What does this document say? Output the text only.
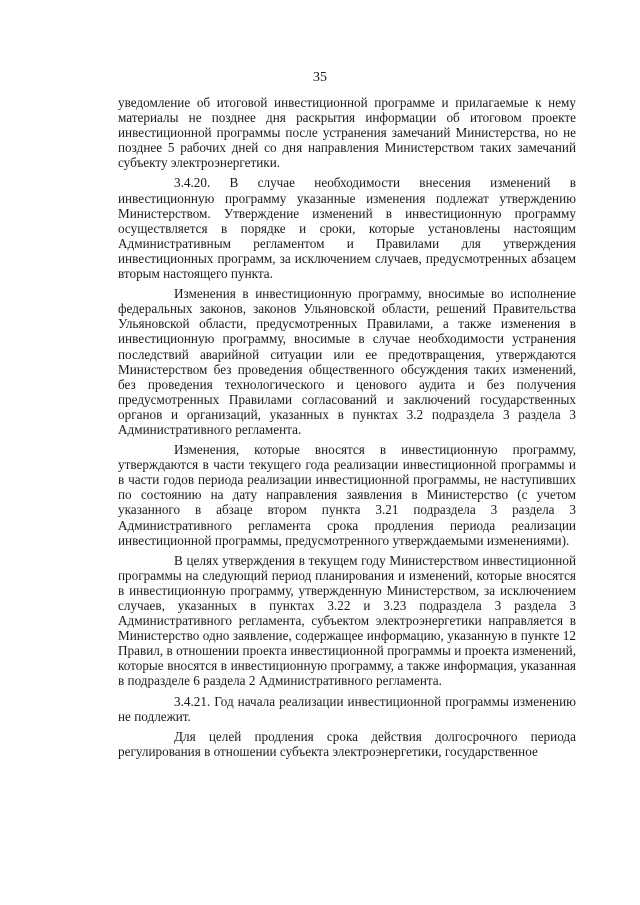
35

уведомление об итоговой инвестиционной программе и прилагаемые к нему материалы не позднее дня раскрытия информации об итоговом проекте инвестиционной программы после устранения замечаний Министерства, но не позднее 5 рабочих дней со дня направления Министерством таких замечаний субъекту электроэнергетики.

3.4.20. В случае необходимости внесения изменений в инвестиционную программу указанные изменения подлежат утверждению Министерством. Утверждение изменений в инвестиционную программу осуществляется в порядке и сроки, которые установлены настоящим Административным регламентом и Правилами для утверждения инвестиционных программ, за исключением случаев, предусмотренных абзацем вторым настоящего пункта.

Изменения в инвестиционную программу, вносимые во исполнение федеральных законов, законов Ульяновской области, решений Правительства Ульяновской области, предусмотренных Правилами, а также изменения в инвестиционную программу, вносимые в случае необходимости устранения последствий аварийной ситуации или ее предотвращения, утверждаются Министерством без проведения общественного обсуждения таких изменений, без проведения технологического и ценового аудита и без получения предусмотренных Правилами согласований и заключений государственных органов и организаций, указанных в пунктах 3.2 подраздела 3 раздела 3 Административного регламента.

Изменения, которые вносятся в инвестиционную программу, утверждаются в части текущего года реализации инвестиционной программы и в части годов периода реализации инвестиционной программы, не наступивших по состоянию на дату направления заявления в Министерство (с учетом указанного в абзаце втором пункта 3.21 подраздела 3 раздела 3 Административного регламента срока продления периода реализации инвестиционной программы, предусмотренного утверждаемыми изменениями).

В целях утверждения в текущем году Министерством инвестиционной программы на следующий период планирования и изменений, которые вносятся в инвестиционную программу, утвержденную Министерством, за исключением случаев, указанных в пунктах 3.22 и 3.23 подраздела 3 раздела 3 Административного регламента, субъектом электроэнергетики направляется в Министерство одно заявление, содержащее информацию, указанную в пункте 12 Правил, в отношении проекта инвестиционной программы и проекта изменений, которые вносятся в инвестиционную программу, а также информация, указанная в подразделе 6 раздела 2 Административного регламента.

3.4.21. Год начала реализации инвестиционной программы изменению не подлежит.

Для целей продления срока действия долгосрочного периода регулирования в отношении субъекта электроэнергетики, государственное
